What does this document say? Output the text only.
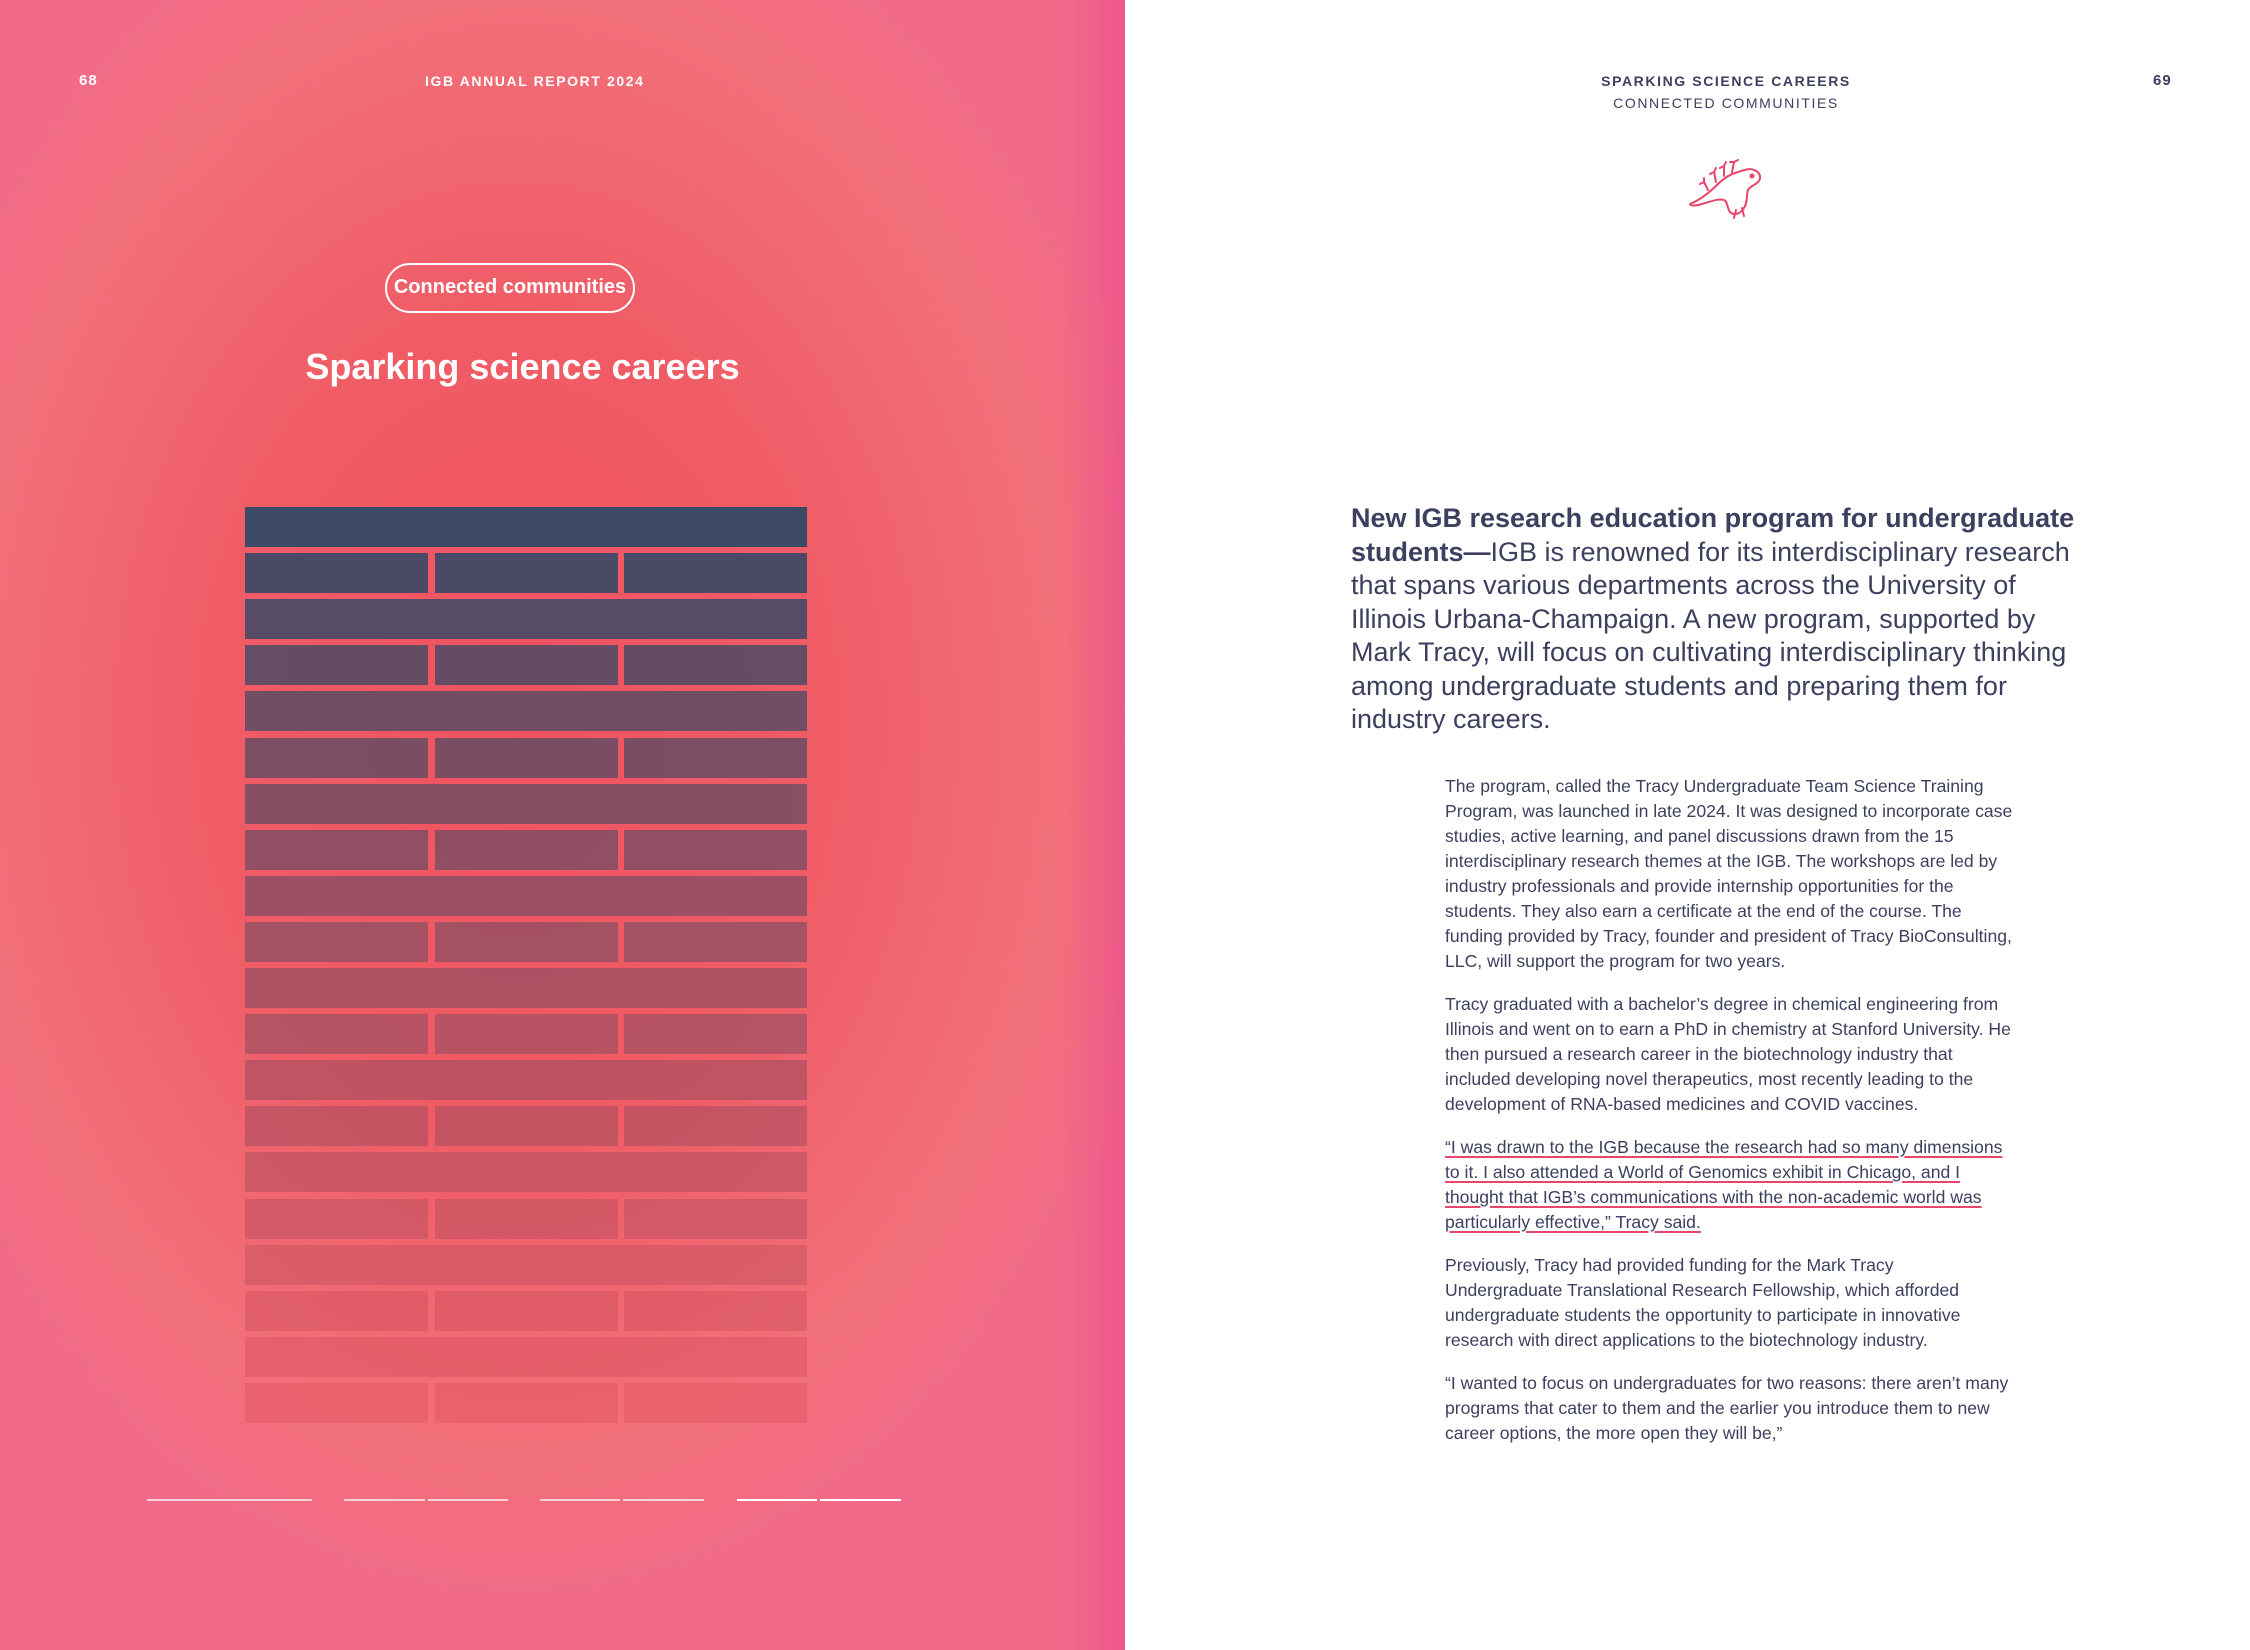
68	IGB ANNUAL REPORT 2024
Connected communities
Sparking science careers
69
SPARKING SCIENCE CAREERS
CONNECTED COMMUNITIES
New IGB research education program for undergraduate students—IGB is renowned for its interdisciplinary research that spans various departments across the University of Illinois Urbana-Champaign. A new program, supported by Mark Tracy, will focus on cultivating interdisciplinary thinking among undergraduate students and preparing them for industry careers.

The program, called the Tracy Undergraduate Team Science Training Program, was launched in late 2024. It was designed to incorporate case studies, active learning, and panel discussions drawn from the 15 interdisciplinary research themes at the IGB. The workshops are led by industry professionals and provide internship opportunities for the students. They also earn a certificate at the end of the course. The funding provided by Tracy, founder and president of Tracy BioConsulting, LLC, will support the program for two years.

Tracy graduated with a bachelor’s degree in chemical engineering from Illinois and went on to earn a PhD in chemistry at Stanford University. He then pursued a research career in the biotechnology industry that included developing novel therapeutics, most recently leading to the development of RNA-based medicines and COVID vaccines.

“I was drawn to the IGB because the research had so many dimensions to it. I also attended a World of Genomics exhibit in Chicago, and I thought that IGB’s communications with the non-academic world was particularly effective,” Tracy said.

Previously, Tracy had provided funding for the Mark Tracy Undergraduate Translational Research Fellowship, which afforded undergraduate students the opportunity to participate in innovative research with direct applications to the biotechnology industry.

“I wanted to focus on undergraduates for two reasons: there aren’t many programs that cater to them and the earlier you introduce them to new career options, the more open they will be,”
